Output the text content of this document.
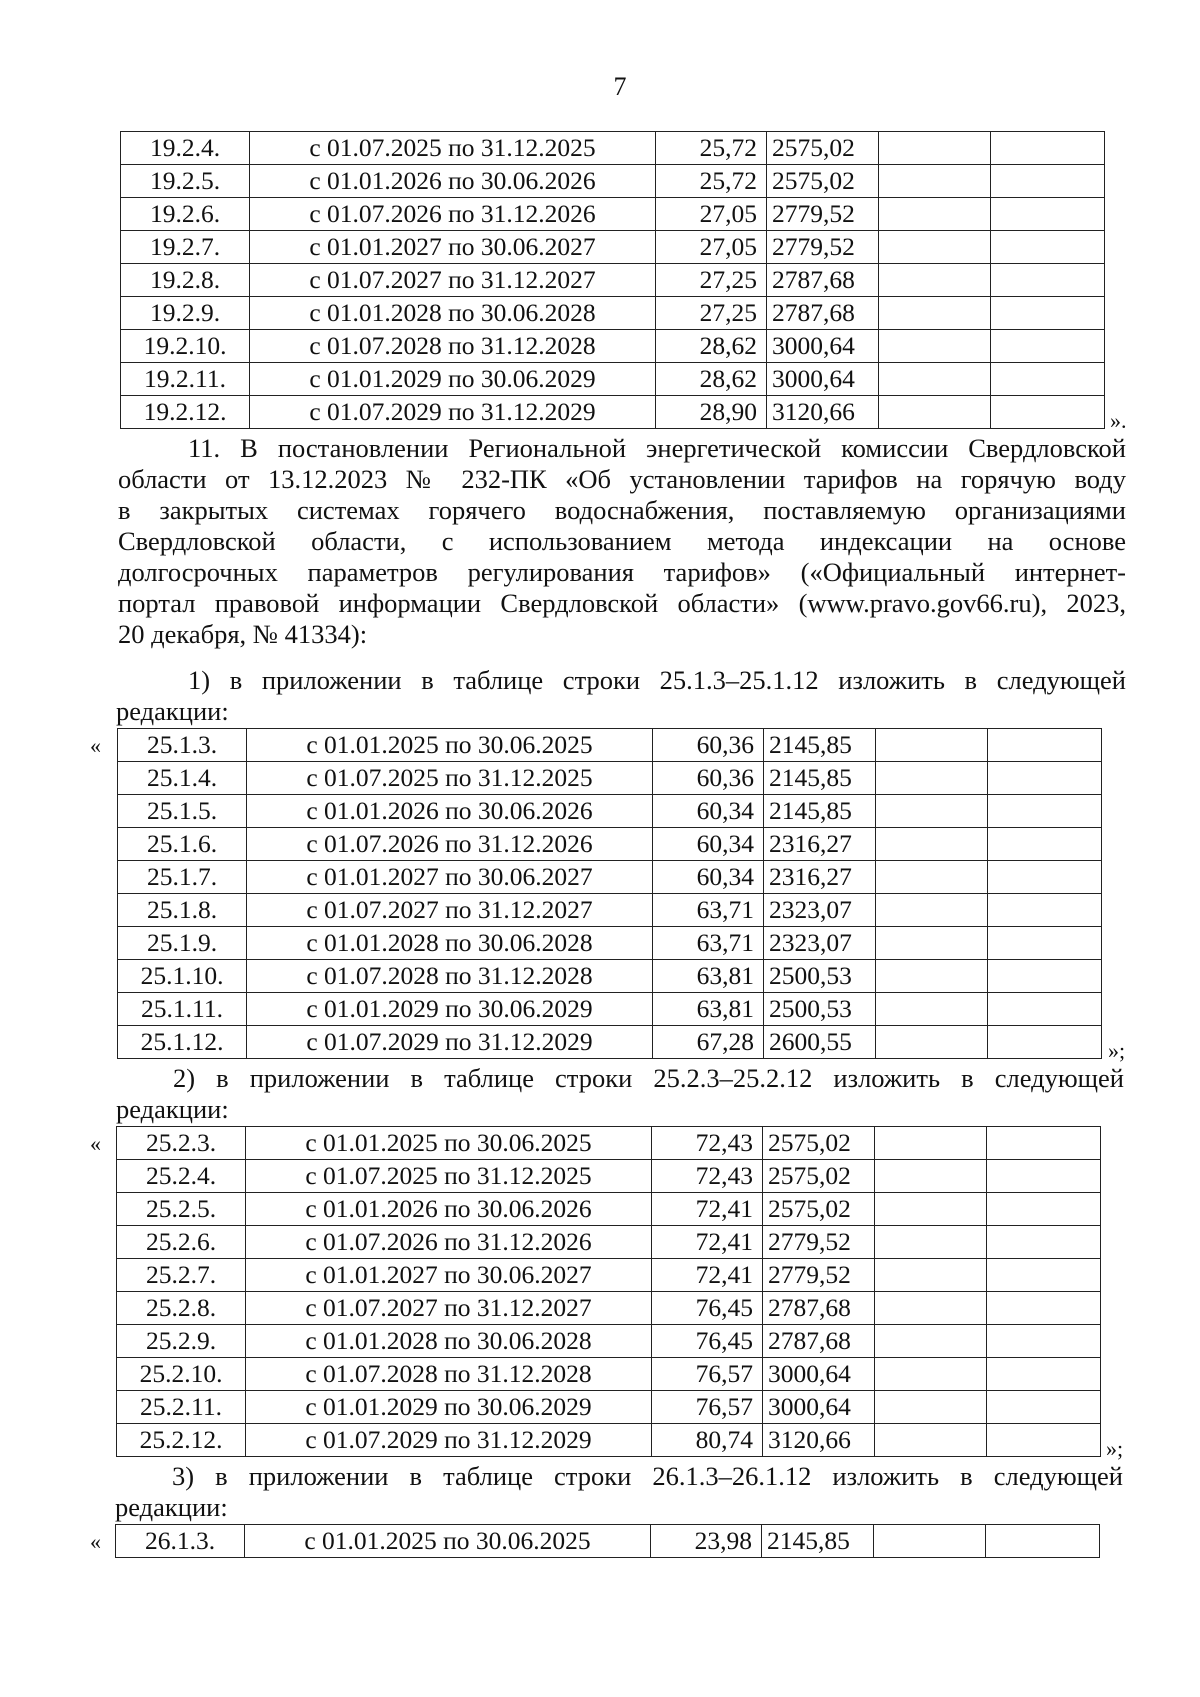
7
19.2.4.	с 01.07.2025 по 31.12.2025	25,72	2575,02		
19.2.5.	с 01.01.2026 по 30.06.2026	25,72	2575,02		
19.2.6.	с 01.07.2026 по 31.12.2026	27,05	2779,52		
19.2.7.	с 01.01.2027 по 30.06.2027	27,05	2779,52		
19.2.8.	с 01.07.2027 по 31.12.2027	27,25	2787,68		
19.2.9.	с 01.01.2028 по 30.06.2028	27,25	2787,68		
19.2.10.	с 01.07.2028 по 31.12.2028	28,62	3000,64		
19.2.11.	с 01.01.2029 по 30.06.2029	28,62	3000,64		
19.2.12.	с 01.07.2029 по 31.12.2029	28,90	3120,66			».
11. В постановлении Региональной энергетической комиссии Свердловской
области от 13.12.2023 № 232-ПК «Об установлении тарифов на горячую воду
в закрытых системах горячего водоснабжения, поставляемую организациями
Свердловской области, с использованием метода индексации на основе
долгосрочных параметров регулирования тарифов» («Официальный интернет-
портал правовой информации Свердловской области» (www.pravo.gov66.ru), 2023,
20 декабря, № 41334):
1) в приложении в таблице строки 25.1.3–25.1.12 изложить в следующей
редакции:
« 25.1.3.	с 01.01.2025 по 30.06.2025	60,36	2145,85		
25.1.4.	с 01.07.2025 по 31.12.2025	60,36	2145,85		
25.1.5.	с 01.01.2026 по 30.06.2026	60,34	2145,85		
25.1.6.	с 01.07.2026 по 31.12.2026	60,34	2316,27		
25.1.7.	с 01.01.2027 по 30.06.2027	60,34	2316,27		
25.1.8.	с 01.07.2027 по 31.12.2027	63,71	2323,07		
25.1.9.	с 01.01.2028 по 30.06.2028	63,71	2323,07		
25.1.10.	с 01.07.2028 по 31.12.2028	63,81	2500,53		
25.1.11.	с 01.01.2029 по 30.06.2029	63,81	2500,53		
25.1.12.	с 01.07.2029 по 31.12.2029	67,28	2600,55			»;
2) в приложении в таблице строки 25.2.3–25.2.12 изложить в следующей
редакции:
« 25.2.3.	с 01.01.2025 по 30.06.2025	72,43	2575,02		
25.2.4.	с 01.07.2025 по 31.12.2025	72,43	2575,02		
25.2.5.	с 01.01.2026 по 30.06.2026	72,41	2575,02		
25.2.6.	с 01.07.2026 по 31.12.2026	72,41	2779,52		
25.2.7.	с 01.01.2027 по 30.06.2027	72,41	2779,52		
25.2.8.	с 01.07.2027 по 31.12.2027	76,45	2787,68		
25.2.9.	с 01.01.2028 по 30.06.2028	76,45	2787,68		
25.2.10.	с 01.07.2028 по 31.12.2028	76,57	3000,64		
25.2.11.	с 01.01.2029 по 30.06.2029	76,57	3000,64		
25.2.12.	с 01.07.2029 по 31.12.2029	80,74	3120,66			»;
3) в приложении в таблице строки 26.1.3–26.1.12 изложить в следующей
редакции:
« 26.1.3.	с 01.01.2025 по 30.06.2025	23,98	2145,85		
